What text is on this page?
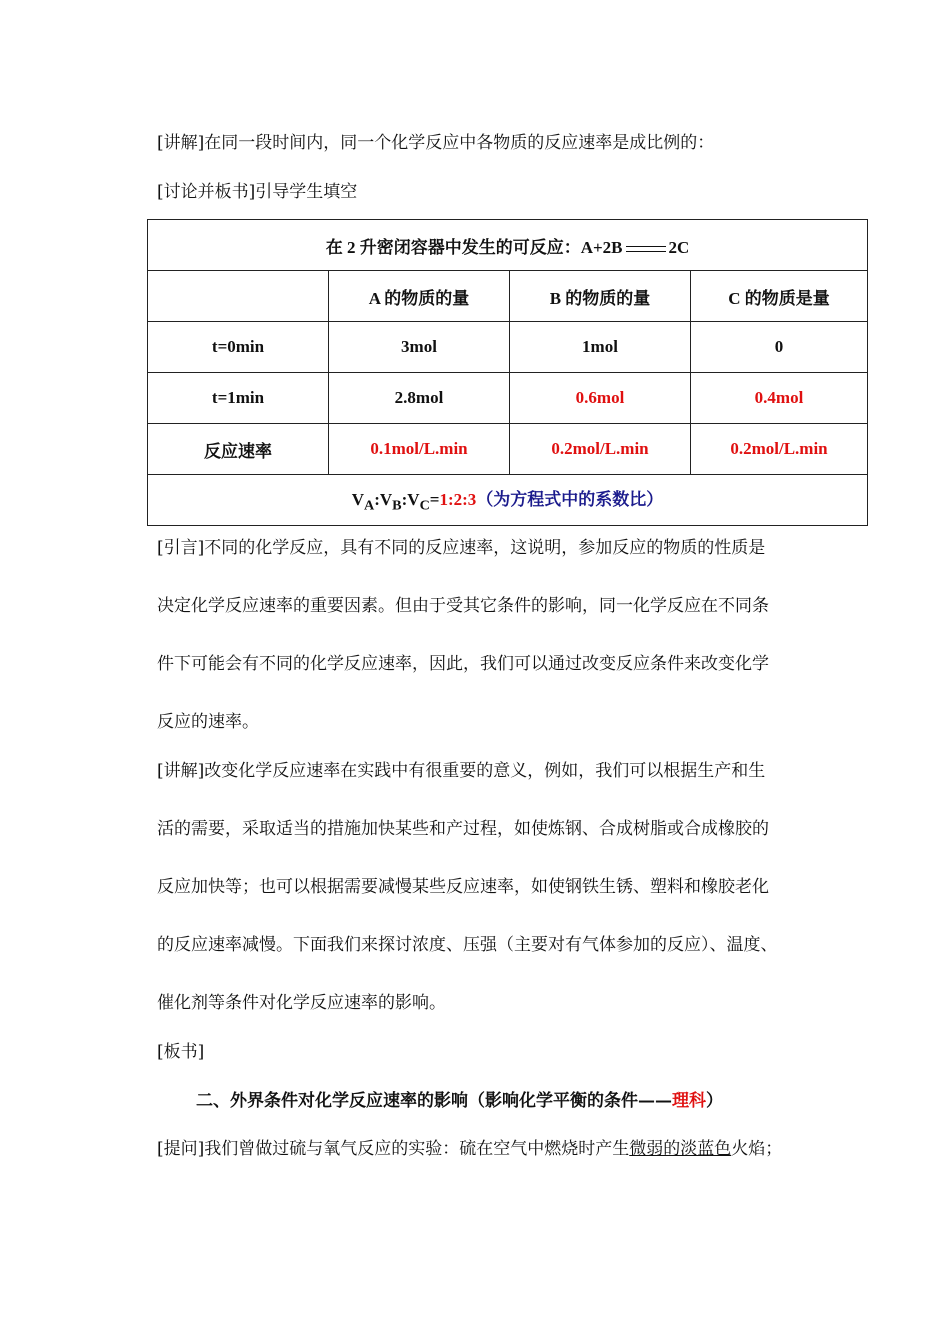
[讲解]在同一段时间内，同一个化学反应中各物质的反应速率是成比例的：
[讨论并板书]引导学生填空
在 2 升密闭容器中发生的可反应：A+2B 2C			
	A 的物质的量	B 的物质的量	C 的物质是量
t=0min	3mol	1mol	0
t=1min	2.8mol	0.6mol	0.4mol
反应速率	0.1mol/L.min	0.2mol/L.min	0.2mol/L.min
$V_A:V_B:V_C=1:2:3$（为方程式中的系数比）			
[引言]不同的化学反应，具有不同的反应速率，这说明，参加反应的物质的性质是
决定化学反应速率的重要因素。但由于受其它条件的影响，同一化学反应在不同条
件下可能会有不同的化学反应速率，因此，我们可以通过改变反应条件来改变化学
反应的速率。
[讲解]改变化学反应速率在实践中有很重要的意义，例如，我们可以根据生产和生
活的需要，采取适当的措施加快某些和产过程，如使炼钢、合成树脂或合成橡胶的
反应加快等；也可以根据需要减慢某些反应速率，如使钢铁生锈、塑料和橡胶老化
的反应速率减慢。下面我们来探讨浓度、压强（主要对有气体参加的反应）、温度、
催化剂等条件对化学反应速率的影响。
[板书]
二、外界条件对化学反应速率的影响（影响化学平衡的条件——理科）
[提问]我们曾做过硫与氧气反应的实验：硫在空气中燃烧时产生微弱的淡蓝色火焰；
